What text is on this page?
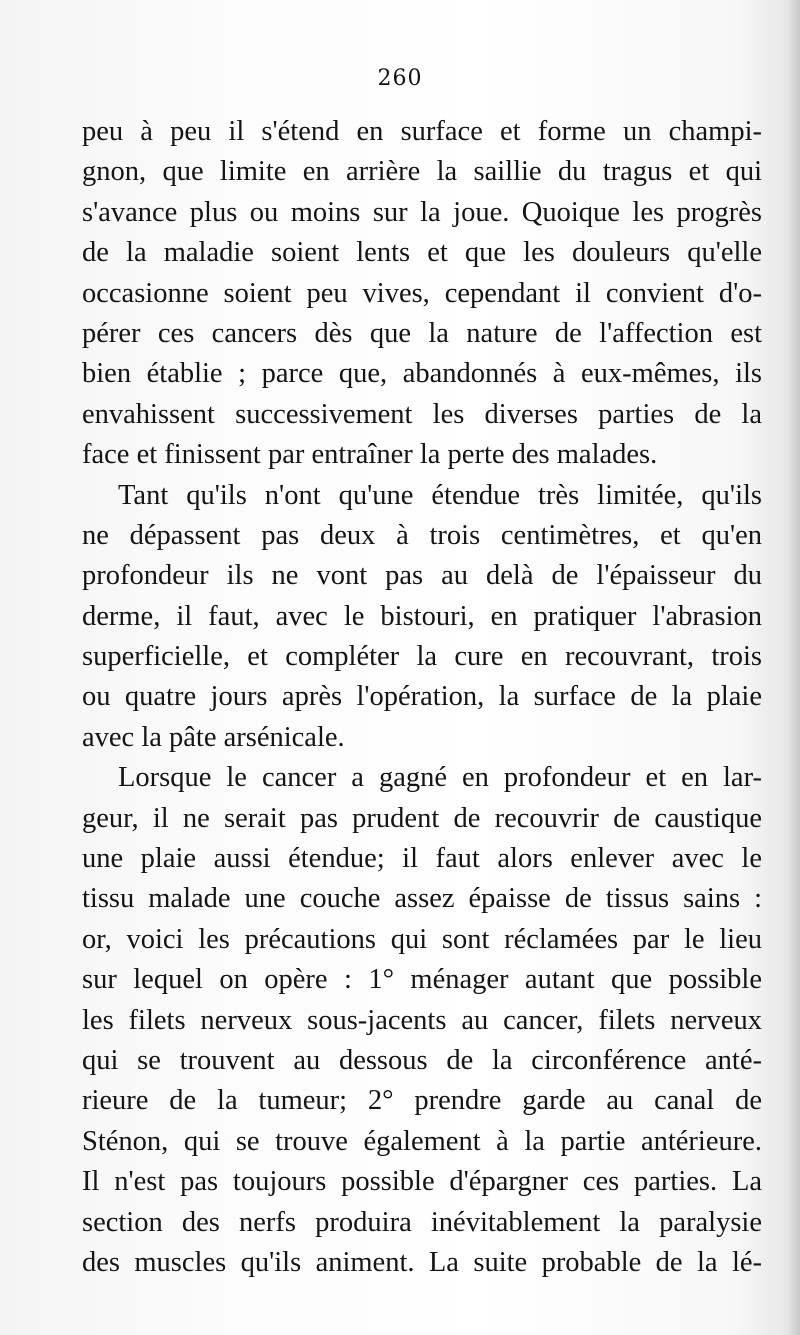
260
peu à peu il s'étend en surface et forme un champi-
gnon, que limite en arrière la saillie du tragus et qui
s'avance plus ou moins sur la joue. Quoique les progrès
de la maladie soient lents et que les douleurs qu'elle
occasionne soient peu vives, cependant il convient d'o-
pérer ces cancers dès que la nature de l'affection est
bien établie ; parce que, abandonnés à eux-mêmes, ils
envahissent successivement les diverses parties de la
face et finissent par entraîner la perte des malades.
Tant qu'ils n'ont qu'une étendue très limitée, qu'ils
ne dépassent pas deux à trois centimètres, et qu'en
profondeur ils ne vont pas au delà de l'épaisseur du
derme, il faut, avec le bistouri, en pratiquer l'abrasion
superficielle, et compléter la cure en recouvrant, trois
ou quatre jours après l'opération, la surface de la plaie
avec la pâte arsénicale.
Lorsque le cancer a gagné en profondeur et en lar-
geur, il ne serait pas prudent de recouvrir de caustique
une plaie aussi étendue; il faut alors enlever avec le
tissu malade une couche assez épaisse de tissus sains :
or, voici les précautions qui sont réclamées par le lieu
sur lequel on opère : 1° ménager autant que possible
les filets nerveux sous-jacents au cancer, filets nerveux
qui se trouvent au dessous de la circonférence anté-
rieure de la tumeur; 2° prendre garde au canal de
Sténon, qui se trouve également à la partie antérieure.
Il n'est pas toujours possible d'épargner ces parties. La
section des nerfs produira inévitablement la paralysie
des muscles qu'ils animent. La suite probable de la lé-
